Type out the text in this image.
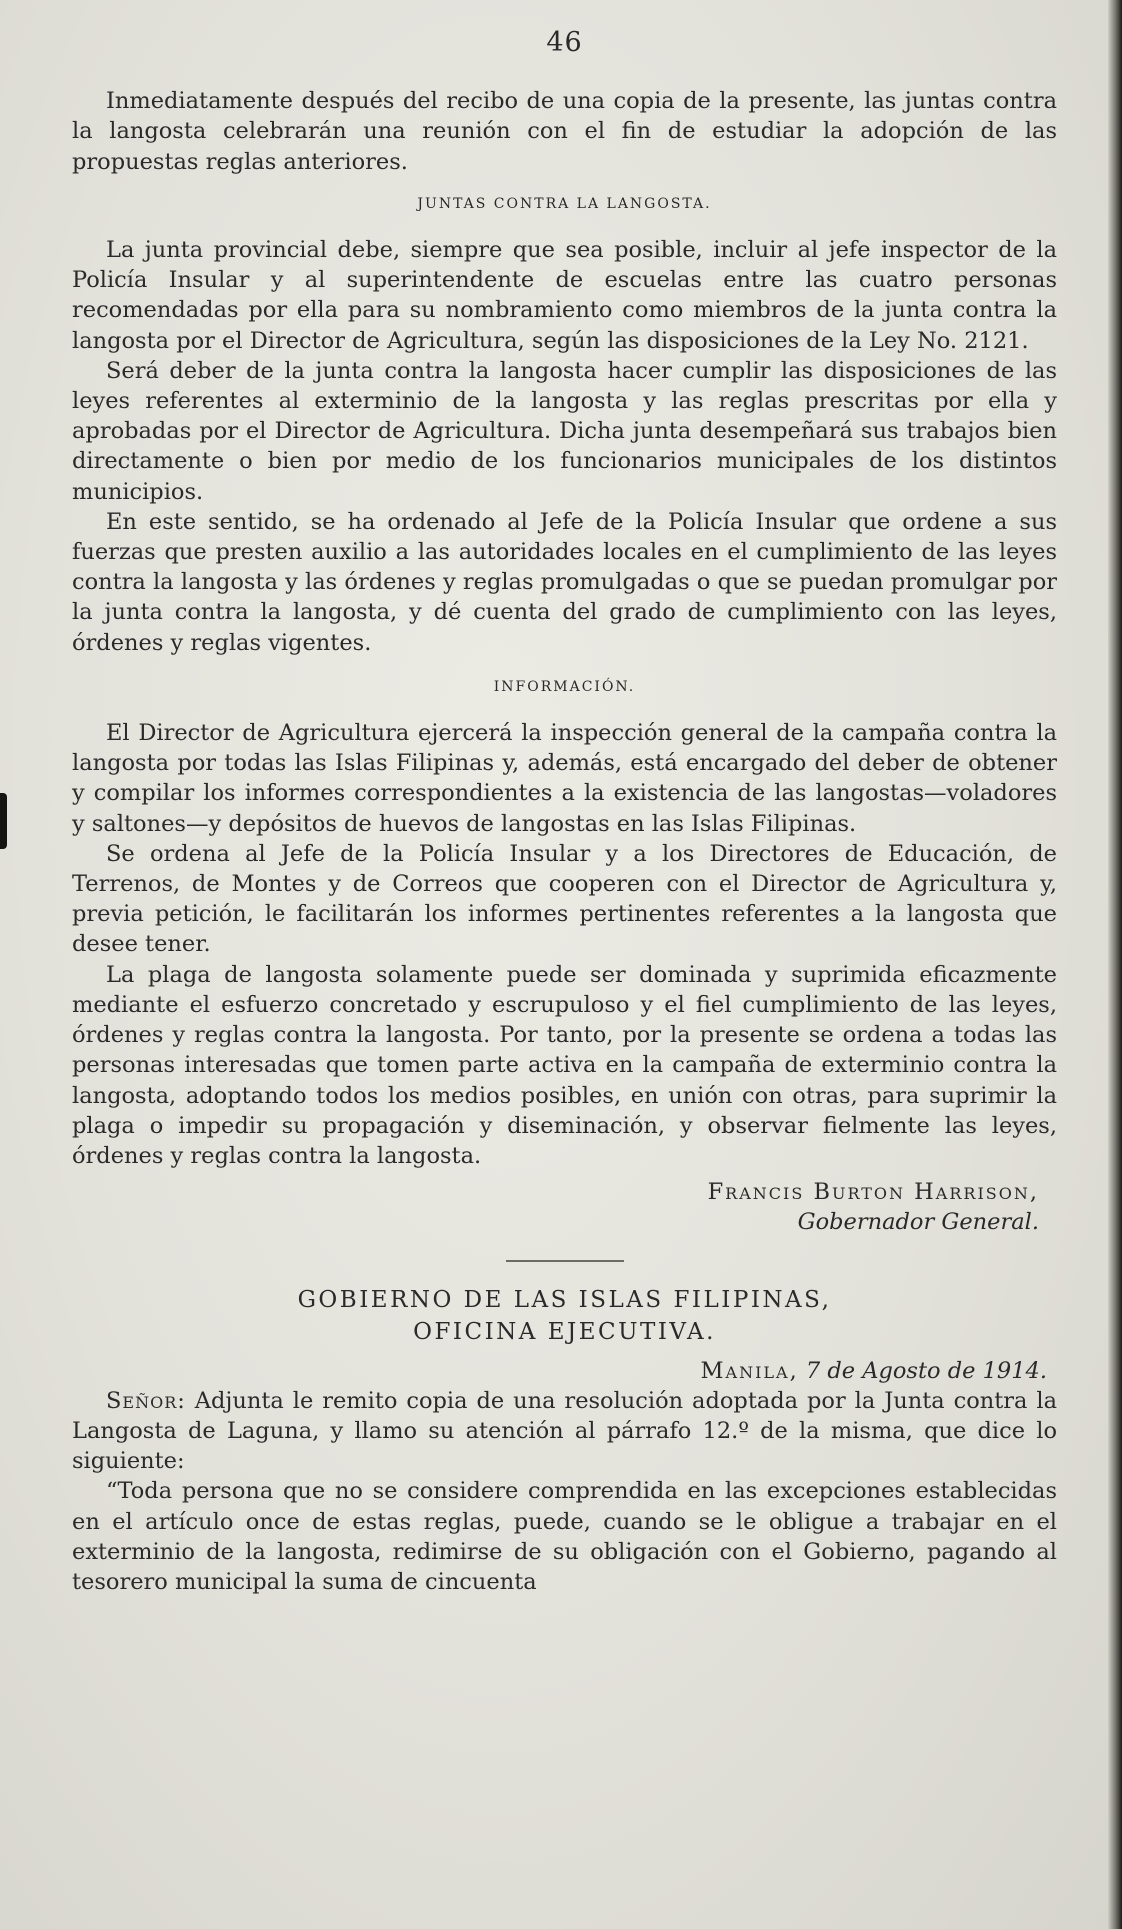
46

Inmediatamente después del recibo de una copia de la presente, las juntas contra la langosta celebrarán una reunión con el fin de estudiar la adopción de las propuestas reglas anteriores.

JUNTAS CONTRA LA LANGOSTA.

La junta provincial debe, siempre que sea posible, incluir al jefe inspector de la Policía Insular y al superintendente de escuelas entre las cuatro personas recomendadas por ella para su nombramiento como miembros de la junta contra la langosta por el Director de Agricultura, según las disposiciones de la Ley No. 2121.

Será deber de la junta contra la langosta hacer cumplir las disposiciones de las leyes referentes al exterminio de la langosta y las reglas prescritas por ella y aprobadas por el Director de Agricultura. Dicha junta desempeñará sus trabajos bien directamente o bien por medio de los funcionarios municipales de los distintos municipios.

En este sentido, se ha ordenado al Jefe de la Policía Insular que ordene a sus fuerzas que presten auxilio a las autoridades locales en el cumplimiento de las leyes contra la langosta y las órdenes y reglas promulgadas o que se puedan promulgar por la junta contra la langosta, y dé cuenta del grado de cumplimiento con las leyes, órdenes y reglas vigentes.

INFORMACIÓN.

El Director de Agricultura ejercerá la inspección general de la campaña contra la langosta por todas las Islas Filipinas y, además, está encargado del deber de obtener y compilar los informes correspondientes a la existencia de las langostas—voladores y saltones—y depósitos de huevos de langostas en las Islas Filipinas.

Se ordena al Jefe de la Policía Insular y a los Directores de Educación, de Terrenos, de Montes y de Correos que cooperen con el Director de Agricultura y, previa petición, le facilitarán los informes pertinentes referentes a la langosta que desee tener.

La plaga de langosta solamente puede ser dominada y suprimida eficazmente mediante el esfuerzo concretado y escrupuloso y el fiel cumplimiento de las leyes, órdenes y reglas contra la langosta. Por tanto, por la presente se ordena a todas las personas interesadas que tomen parte activa en la campaña de exterminio contra la langosta, adoptando todos los medios posibles, en unión con otras, para suprimir la plaga o impedir su propagación y diseminación, y observar fielmente las leyes, órdenes y reglas contra la langosta.

Francis Burton Harrison,
Gobernador General.
GOBIERNO DE LAS ISLAS FILIPINAS,
OFICINA EJECUTIVA.
Manila, 7 de Agosto de 1914.

Señor: Adjunta le remito copia de una resolución adoptada por la Junta contra la Langosta de Laguna, y llamo su atención al párrafo 12.º de la misma, que dice lo siguiente:

“Toda persona que no se considere comprendida en las excepciones establecidas en el artículo once de estas reglas, puede, cuando se le obligue a trabajar en el exterminio de la langosta, redimirse de su obligación con el Gobierno, pagando al tesorero municipal la suma de cincuenta
